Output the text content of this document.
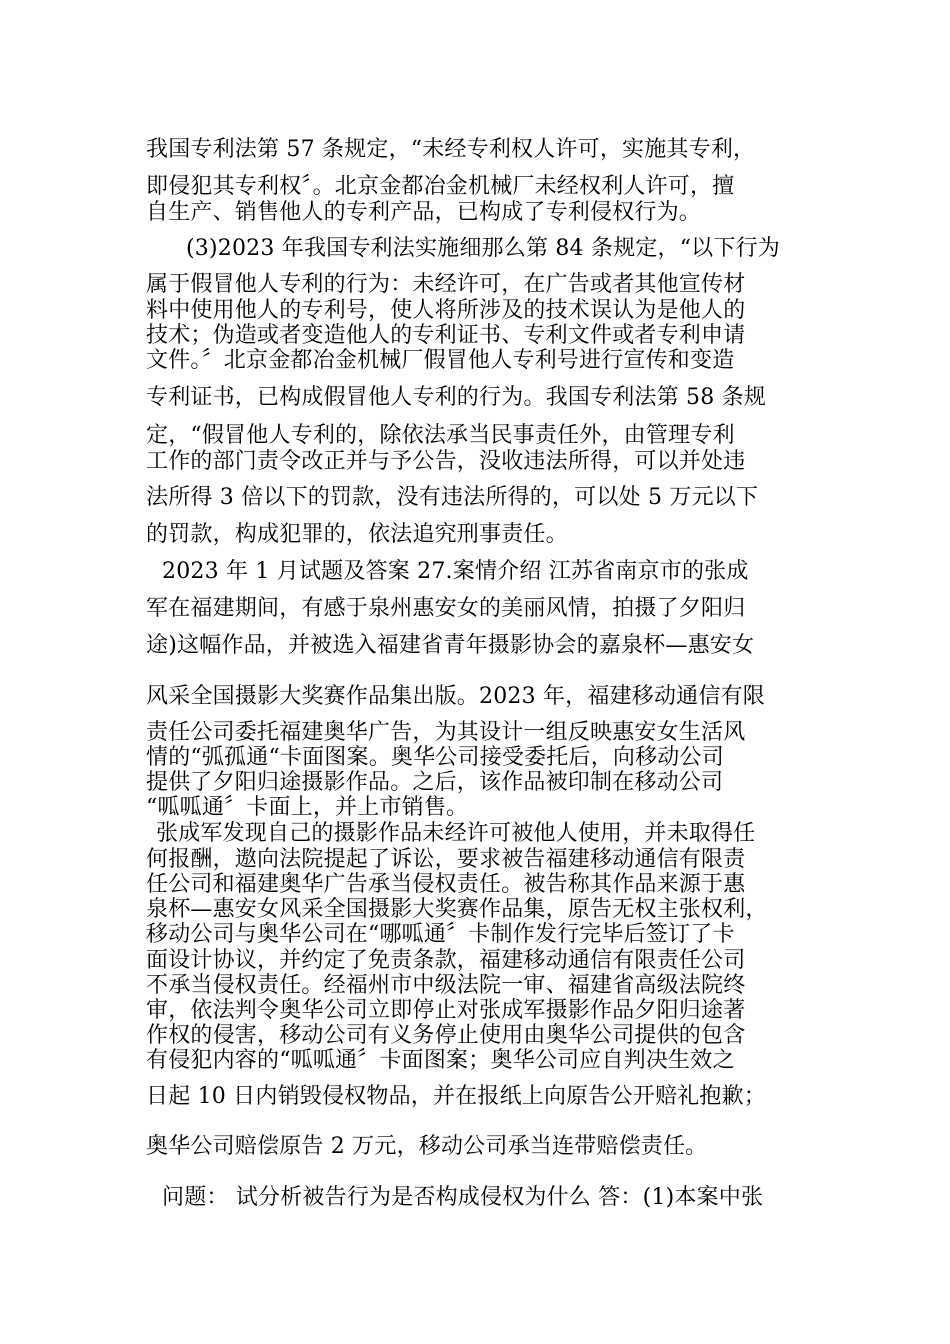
我国专利法第 57 条规定，“未经专利权人许可，实施其专利，
即侵犯其专利权〞。北京金都冶金机械厂未经权利人许可，擅
自生产、销售他人的专利产品，已构成了专利侵权行为。
(3)2023 年我国专利法实施细那么第 84 条规定，“以下行为
属于假冒他人专利的行为：未经许可，在广告或者其他宣传材
料中使用他人的专利号，使人将所涉及的技术误认为是他人的
技术；伪造或者变造他人的专利证书、专利文件或者专利申请
文件。〞北京金都冶金机械厂假冒他人专利号进行宣传和变造
专利证书，已构成假冒他人专利的行为。我国专利法第 58 条规
定，“假冒他人专利的，除依法承当民事责任外，由管理专利
工作的部门责令改正并与予公告，没收违法所得，可以并处违
法所得 3 倍以下的罚款，没有违法所得的，可以处 5 万元以下
的罚款，构成犯罪的，依法追究刑事责任。
2023 年 1 月试题及答案 27.案情介绍 江苏省南京市的张成
军在福建期间，有感于泉州惠安女的美丽风情，拍摄了夕阳归
途)这幅作品，并被选入福建省青年摄影协会的嘉泉杯—惠安女
风采全国摄影大奖赛作品集出版。2023 年，福建移动通信有限
责任公司委托福建奥华广告，为其设计一组反映惠安女生活风
情的“弧孤通“卡面图案。奥华公司接受委托后，向移动公司
提供了夕阳归途摄影作品。之后，该作品被印制在移动公司
“呱呱通〞卡面上，并上市销售。
张成军发现自己的摄影作品未经许可被他人使用，并未取得任
何报酬，遨向法院提起了诉讼，要求被告福建移动通信有限责
任公司和福建奥华广告承当侵权责任。被告称其作品来源于惠
泉杯—惠安女风采全国摄影大奖赛作品集，原告无权主张权利，
移动公司与奥华公司在“哪呱通〞卡制作发行完毕后签订了卡
面设计协议，并约定了免责条款，福建移动通信有限责任公司
不承当侵权责任。经福州市中级法院一审、福建省高级法院终
审，依法判令奥华公司立即停止对张成军摄影作品夕阳归途著
作权的侵害，移动公司有义务停止使用由奥华公司提供的包含
有侵犯内容的“呱呱通〞卡面图案；奥华公司应自判决生效之
日起 10 日内销毁侵权物品，并在报纸上向原告公开赔礼抱歉；
奥华公司赔偿原告 2 万元，移动公司承当连带赔偿责任。
问题： 试分析被告行为是否构成侵权为什么 答：(1)本案中张
